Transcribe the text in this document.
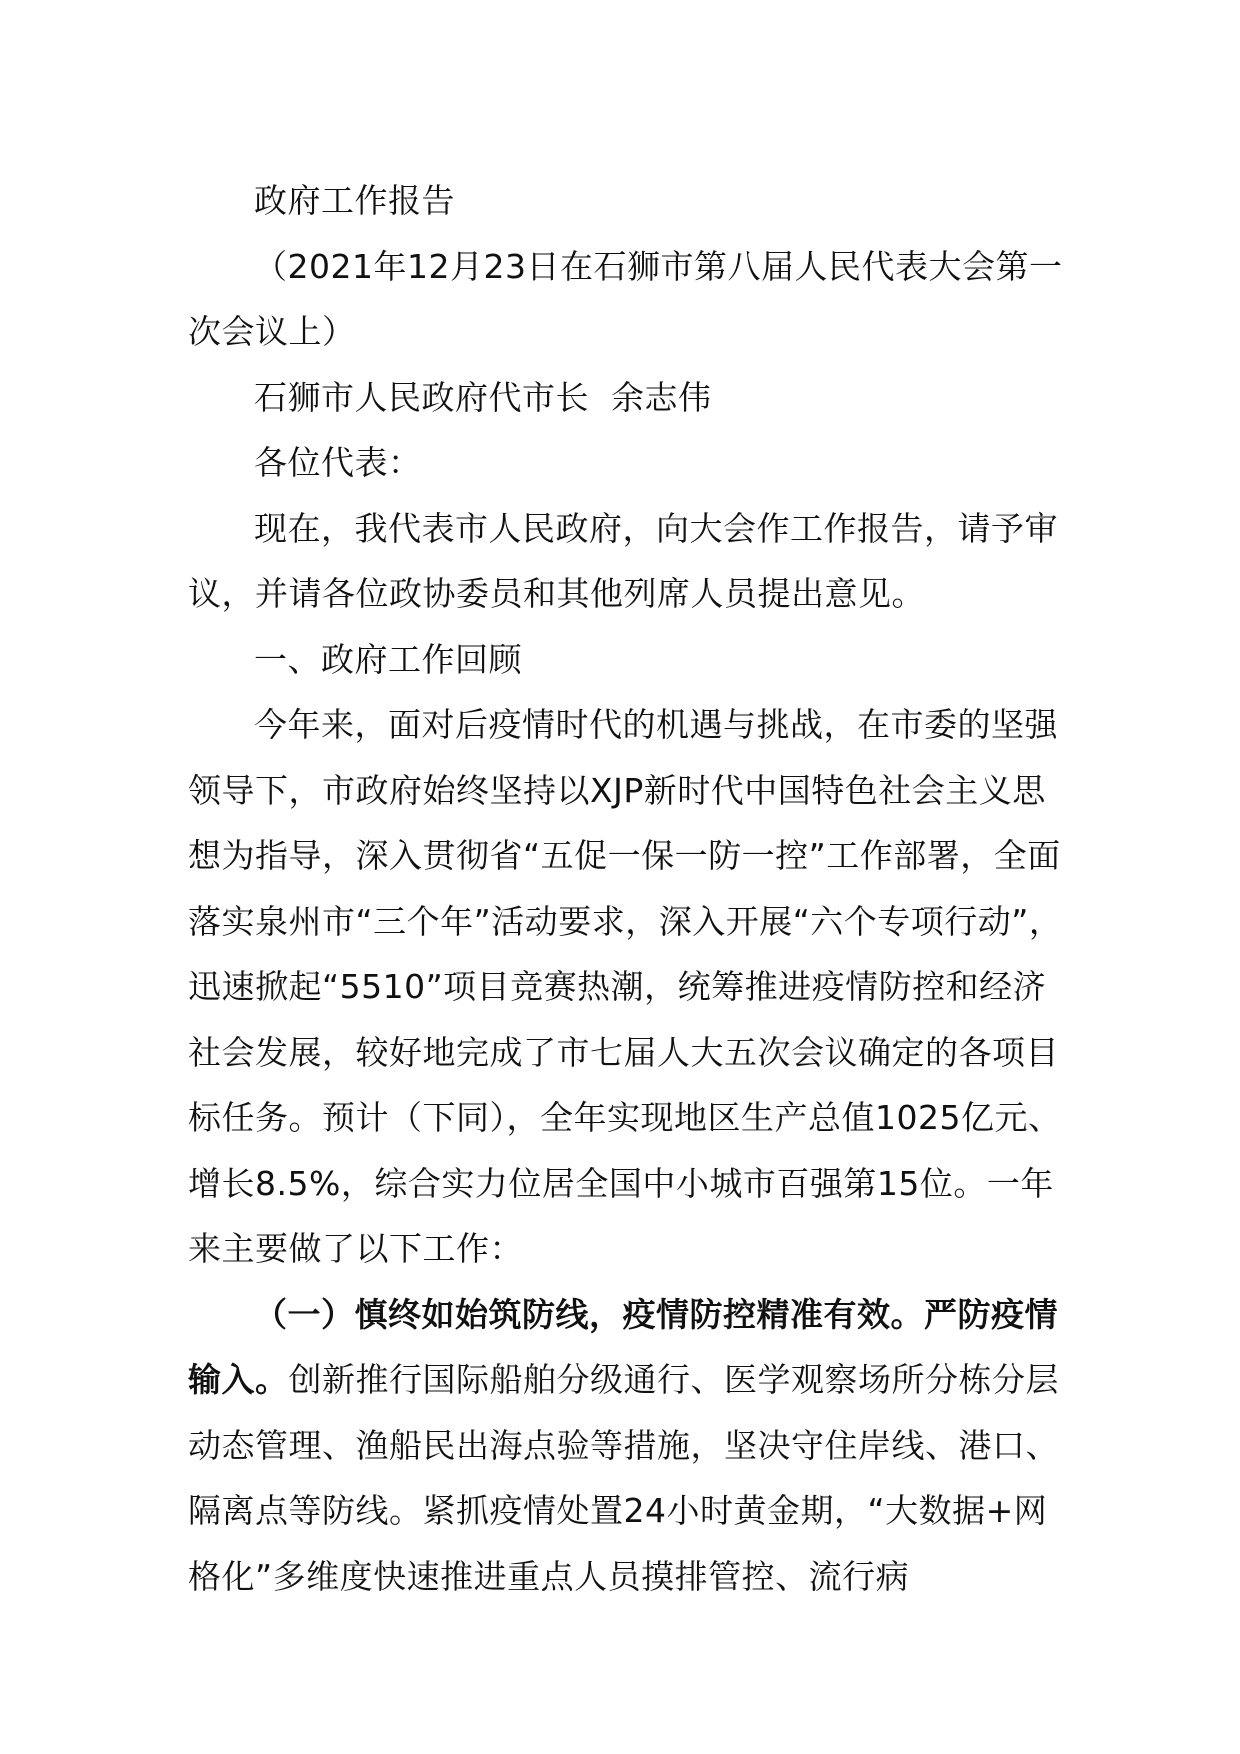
政府工作报告

（2021年12月23日在石狮市第八届人民代表大会第一次会议上）

石狮市人民政府代市长  余志伟

各位代表：

现在，我代表市人民政府，向大会作工作报告，请予审议，并请各位政协委员和其他列席人员提出意见。

一、政府工作回顾

今年来，面对后疫情时代的机遇与挑战，在市委的坚强领导下，市政府始终坚持以XJP新时代中国特色社会主义思想为指导，深入贯彻省“五促一保一防一控”工作部署，全面落实泉州市“三个年”活动要求，深入开展“六个专项行动”，迅速掀起“5510”项目竞赛热潮，统筹推进疫情防控和经济社会发展，较好地完成了市七届人大五次会议确定的各项目标任务。预计（下同），全年实现地区生产总值1025亿元、增长8.5%，综合实力位居全国中小城市百强第15位。一年来主要做了以下工作：

（一）慎终如始筑防线，疫情防控精准有效。严防疫情输入。创新推行国际船舶分级通行、医学观察场所分栋分层动态管理、渔船民出海点验等措施，坚决守住岸线、港口、隔离点等防线。紧抓疫情处置24小时黄金期，“大数据+网格化”多维度快速推进重点人员摸排管控、流行病
